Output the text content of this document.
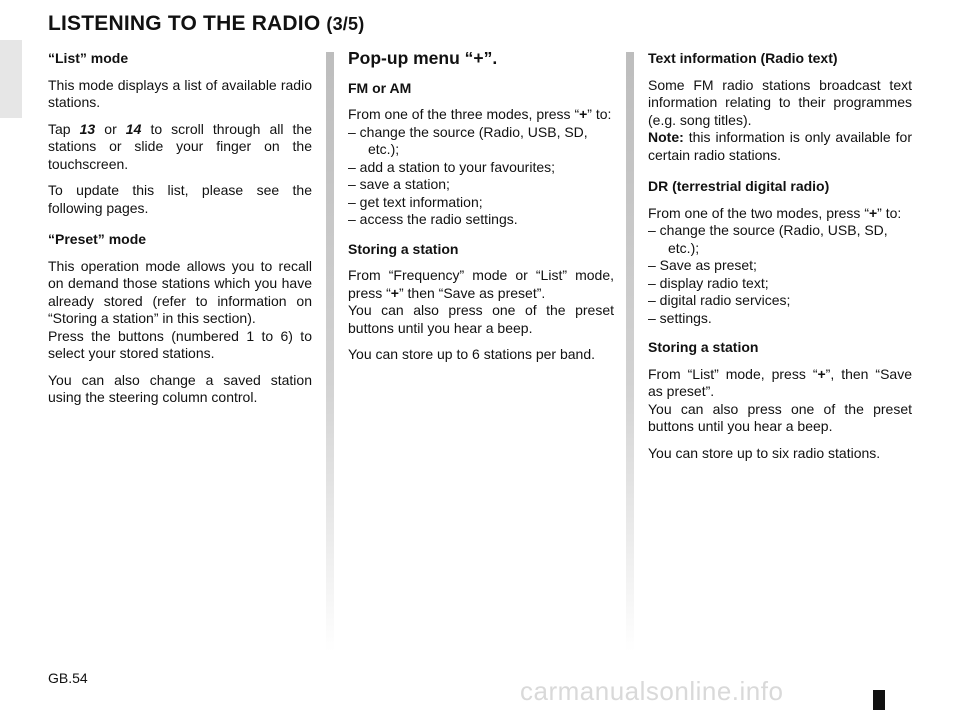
LISTENING TO THE RADIO (3/5)
“List” mode

This mode displays a list of available radio stations.

Tap 13 or 14 to scroll through all the stations or slide your finger on the touchscreen.

To update this list, please see the following pages.

“Preset” mode

This operation mode allows you to recall on demand those stations which you have already stored (refer to information on “Storing a station” in this section).

Press the buttons (numbered 1 to 6) to select your stored stations.

You can also change a saved station using the steering column control.

Pop-up menu “+”.
FM or AM

From one of the three modes, press “+” to:

– change the source (Radio, USB, SD, etc.);
– add a station to your favourites;
– save a station;
– get text information;
– access the radio settings.
Storing a station

From “Frequency” mode or “List” mode, press “+” then “Save as preset”.

You can also press one of the preset buttons until you hear a beep.

You can store up to 6 stations per band.

Text information (Radio text)

Some FM radio stations broadcast text information relating to their programmes (e.g. song titles).

Note: this information is only available for certain radio stations.

DR (terrestrial digital radio)

From one of the two modes, press “+” to:

– change the source (Radio, USB, SD, etc.);
– Save as preset;
– display radio text;
– digital radio services;
– settings.
Storing a station

From “List” mode, press “+”, then “Save as preset”.

You can also press one of the preset buttons until you hear a beep.

You can store up to six radio stations.

GB.54	carmanualsonline.info
